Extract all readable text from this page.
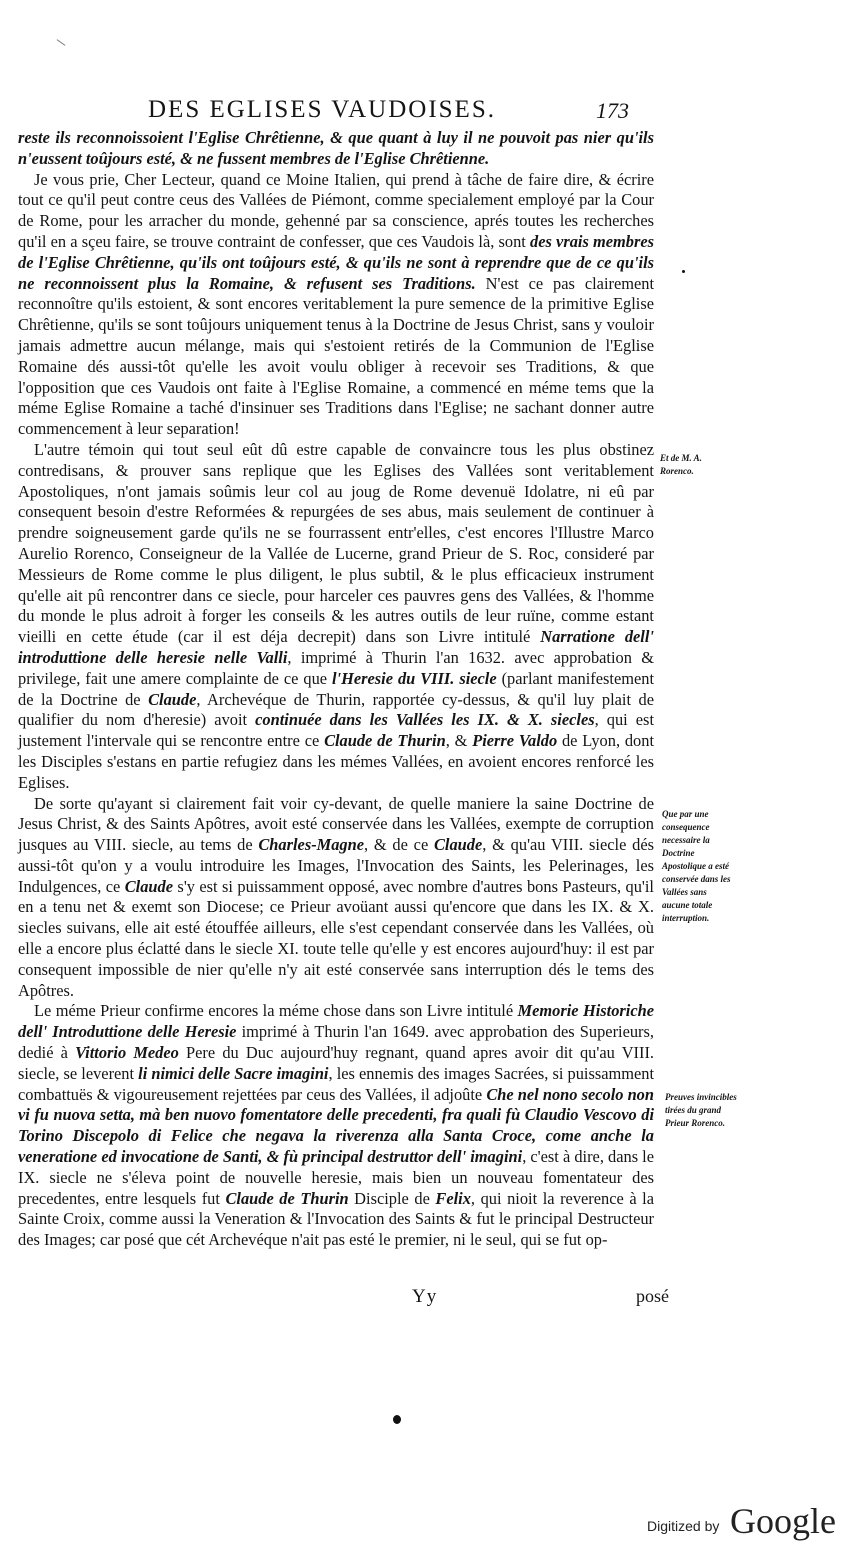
DES EGLISES VAUDOISES.	173

reste ils reconnoissoient l'Eglise Chrêtienne, & que quant à luy il ne pouvoit pas nier qu'ils n'eussent toûjours esté, & ne fussent membres de l'Eglise Chrêtienne.

Je vous prie, Cher Lecteur, quand ce Moine Italien, qui prend à tâche de faire dire, & écrire tout ce qu'il peut contre ceus des Vallées de Piémont, comme specialement employé par la Cour de Rome, pour les arracher du monde, gehenné par sa conscience, aprés toutes les recherches qu'il en a sçeu faire, se trouve contraint de confesser, que ces Vaudois là, sont des vrais membres de l'Eglise Chrêtienne, qu'ils ont toûjours esté, & qu'ils ne sont à reprendre que de ce qu'ils ne reconnoissent plus la Romaine, & refusent ses Traditions. N'est ce pas clairement reconnoître qu'ils estoient, & sont encores veritablement la pure semence de la primitive Eglise Chrêtienne, qu'ils se sont toûjours uniquement tenus à la Doctrine de Jesus Christ, sans y vouloir jamais admettre aucun mélange, mais qui s'estoient retirés de la Communion de l'Eglise Romaine dés aussi-tôt qu'elle les avoit voulu obliger à recevoir ses Traditions, & que l'opposition que ces Vaudois ont faite à l'Eglise Romaine, a commencé en méme tems que la méme Eglise Romaine a taché d'insinuer ses Traditions dans l'Eglise; ne sachant donner autre commencement à leur separation!

L'autre témoin qui tout seul eût dû estre capable de convaincre tous les plus obstinez contredisans, & prouver sans replique que les Eglises des Vallées sont veritablement Apostoliques, n'ont jamais soûmis leur col au joug de Rome devenuë Idolatre, ni eû par consequent besoin d'estre Reformées & repurgées de ses abus, mais seulement de continuer à prendre soigneusement garde qu'ils ne se fourrassent entr'elles, c'est encores l'Illustre Marco Aurelio Rorenco, Conseigneur de la Vallée de Lucerne, grand Prieur de S. Roc, consideré par Messieurs de Rome comme le plus diligent, le plus subtil, & le plus efficacieux instrument qu'elle ait pû rencontrer dans ce siecle, pour harceler ces pauvres gens des Vallées, & l'homme du monde le plus adroit à forger les conseils & les autres outils de leur ruïne, comme estant vieilli en cette étude (car il est déja decrepit) dans son Livre intitulé Narratione dell' introduttione delle heresie nelle Valli, imprimé à Thurin l'an 1632. avec approbation & privilege, fait une amere complainte de ce que l'Heresie du VIII. siecle (parlant manifestement de la Doctrine de Claude, Archevéque de Thurin, rapportée cy-dessus, & qu'il luy plait de qualifier du nom d'heresie) avoit continuée dans les Vallées les IX. & X. siecles, qui est justement l'intervale qui se rencontre entre ce Claude de Thurin, & Pierre Valdo de Lyon, dont les Disciples s'estans en partie refugiez dans les mémes Vallées, en avoient encores renforcé les Eglises.

De sorte qu'ayant si clairement fait voir cy-devant, de quelle maniere la saine Doctrine de Jesus Christ, & des Saints Apôtres, avoit esté conservée dans les Vallées, exempte de corruption jusques au VIII. siecle, au tems de Charles-Magne, & de ce Claude, & qu'au VIII. siecle dés aussi-tôt qu'on y a voulu introduire les Images, l'Invocation des Saints, les Pelerinages, les Indulgences, ce Claude s'y est si puissamment opposé, avec nombre d'autres bons Pasteurs, qu'il en a tenu net & exemt son Diocese; ce Prieur avoüant aussi qu'encore que dans les IX. & X. siecles suivans, elle ait esté étouffée ailleurs, elle s'est cependant conservée dans les Vallées, où elle a encore plus éclatté dans le siecle XI. toute telle qu'elle y est encores aujourd'huy: il est par consequent impossible de nier qu'elle n'y ait esté conservée sans interruption dés le tems des Apôtres.

Le méme Prieur confirme encores la méme chose dans son Livre intitulé Memorie Historiche dell' Introduttione delle Heresie imprimé à Thurin l'an 1649. avec approbation des Superieurs, dedié à Vittorio Medeo Pere du Duc aujourd'huy regnant, quand apres avoir dit qu'au VIII. siecle, se leverent li nimici delle Sacre imagini, les ennemis des images Sacrées, si puissamment combattuës & vigoureusement rejettées par ceus des Vallées, il adjoûte Che nel nono secolo non vi fu nuova setta, mà ben nuovo fomentatore delle precedenti, fra quali fù Claudio Vescovo di Torino Discepolo di Felice che negava la riverenza alla Santa Croce, come anche la veneratione ed invocatione de Santi, & fù principal destruttor dell' imagini, c'est à dire, dans le IX. siecle ne s'éleva point de nouvelle heresie, mais bien un nouveau fomentateur des precedentes, entre lesquels fut Claude de Thurin Disciple de Felix, qui nioit la reverence à la Sainte Croix, comme aussi la Veneration & l'Invocation des Saints & fut le principal Destructeur des Images; car posé que cét Archevéque n'ait pas esté le premier, ni le seul, qui se fut op-

Et de M. A. Rorenco.
Que par une consequence necessaire la Doctrine Apostolique a esté conservée dans les Vallées sans aucune totale interruption.
Preuves invincibles tirées du grand Prieur Rorenco.
Yy	posé
Digitized by Google
